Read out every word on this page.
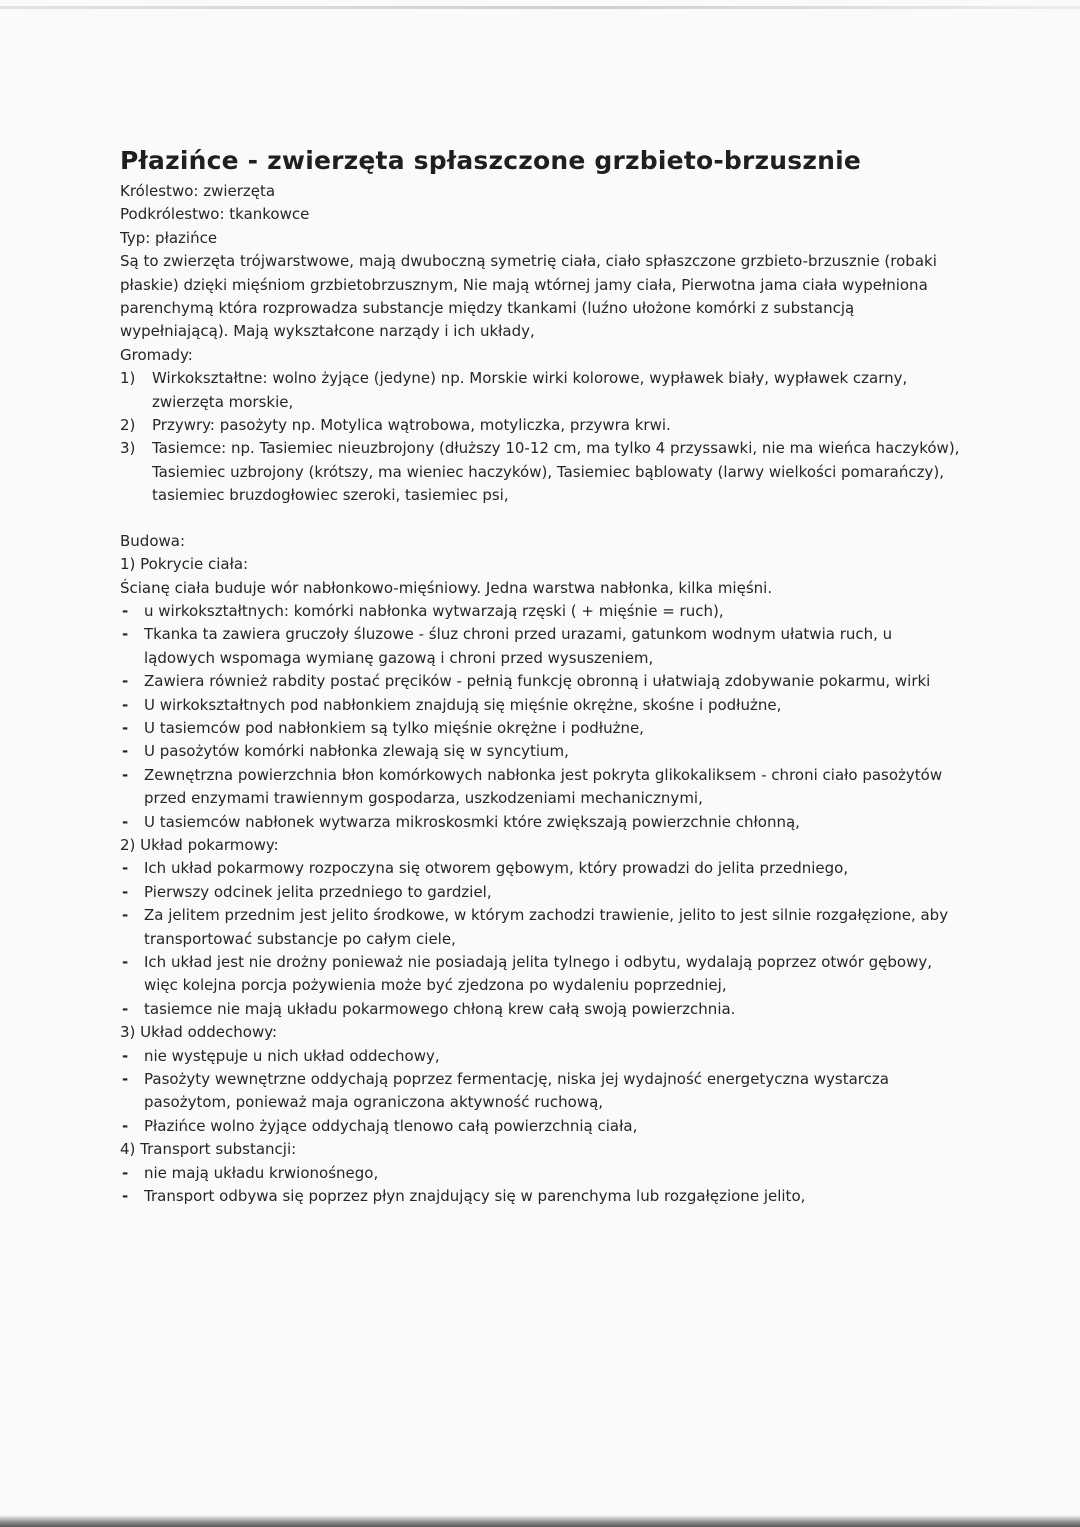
Płazińce - zwierzęta spłaszczone grzbieto-brzusznie

Królestwo: zwierzęta

Podkrólestwo: tkankowce

Typ: płazińce

Są to zwierzęta trójwarstwowe, mają dwuboczną symetrię ciała, ciało spłaszczone grzbieto-brzusznie (robaki płaskie) dzięki mięśniom grzbietobrzusznym, Nie mają wtórnej jamy ciała, Pierwotna jama ciała wypełniona parenchymą która rozprowadza substancje między tkankami (luźno ułożone komórki z substancją wypełniającą). Mają wykształcone narządy i ich układy,

Gromady:

1) Wirkokształtne: wolno żyjące (jedyne) np. Morskie wirki kolorowe, wypławek biały, wypławek czarny, zwierzęta morskie,
2) Przywry: pasożyty np. Motylica wątrobowa, motyliczka, przywra krwi.
3) Tasiemce: np. Tasiemiec nieuzbrojony (dłuższy 10-12 cm, ma tylko 4 przyssawki, nie ma wieńca haczyków), Tasiemiec uzbrojony (krótszy, ma wieniec haczyków), Tasiemiec bąblowaty (larwy wielkości pomarańczy), tasiemiec bruzdogłowiec szeroki, tasiemiec psi,

Budowa:

1) Pokrycie ciała:

Ścianę ciała buduje wór nabłonkowo-mięśniowy. Jedna warstwa nabłonka, kilka mięśni.

- u wirkokształtnych: komórki nabłonka wytwarzają rzęski ( + mięśnie = ruch),
- Tkanka ta zawiera gruczoły śluzowe - śluz chroni przed urazami, gatunkom wodnym ułatwia ruch, u lądowych wspomaga wymianę gazową i chroni przed wysuszeniem,
- Zawiera również rabdity postać pręcików - pełnią funkcję obronną i ułatwiają zdobywanie pokarmu, wirki
- U wirkokształtnych pod nabłonkiem znajdują się mięśnie okrężne, skośne i podłużne,
- U tasiemców pod nabłonkiem są tylko mięśnie okrężne i podłużne,
- U pasożytów komórki nabłonka zlewają się w syncytium,
- Zewnętrzna powierzchnia błon komórkowych nabłonka jest pokryta glikokaliksem - chroni ciało pasożytów przed enzymami trawiennym gospodarza, uszkodzeniami mechanicznymi,
- U tasiemców nabłonek wytwarza mikroskosmki które zwiększają powierzchnie chłonną,

2) Układ pokarmowy:

- Ich układ pokarmowy rozpoczyna się otworem gębowym, który prowadzi do jelita przedniego,
- Pierwszy odcinek jelita przedniego to gardziel,
- Za jelitem przednim jest jelito środkowe, w którym zachodzi trawienie, jelito to jest silnie rozgałęzione, aby transportować substancje po całym ciele,
- Ich układ jest nie drożny ponieważ nie posiadają jelita tylnego i odbytu, wydalają poprzez otwór gębowy, więc kolejna porcja pożywienia może być zjedzona po wydaleniu poprzedniej,
- tasiemce nie mają układu pokarmowego chłoną krew całą swoją powierzchnia.

3) Układ oddechowy:

- nie występuje u nich układ oddechowy,
- Pasożyty wewnętrzne oddychają poprzez fermentację, niska jej wydajność energetyczna wystarcza pasożytom, ponieważ maja ograniczona aktywność ruchową,
- Płazińce wolno żyjące oddychają tlenowo całą powierzchnią ciała,

4) Transport substancji:

- nie mają układu krwionośnego,
- Transport odbywa się poprzez płyn znajdujący się w parenchyma lub rozgałęzione jelito,
